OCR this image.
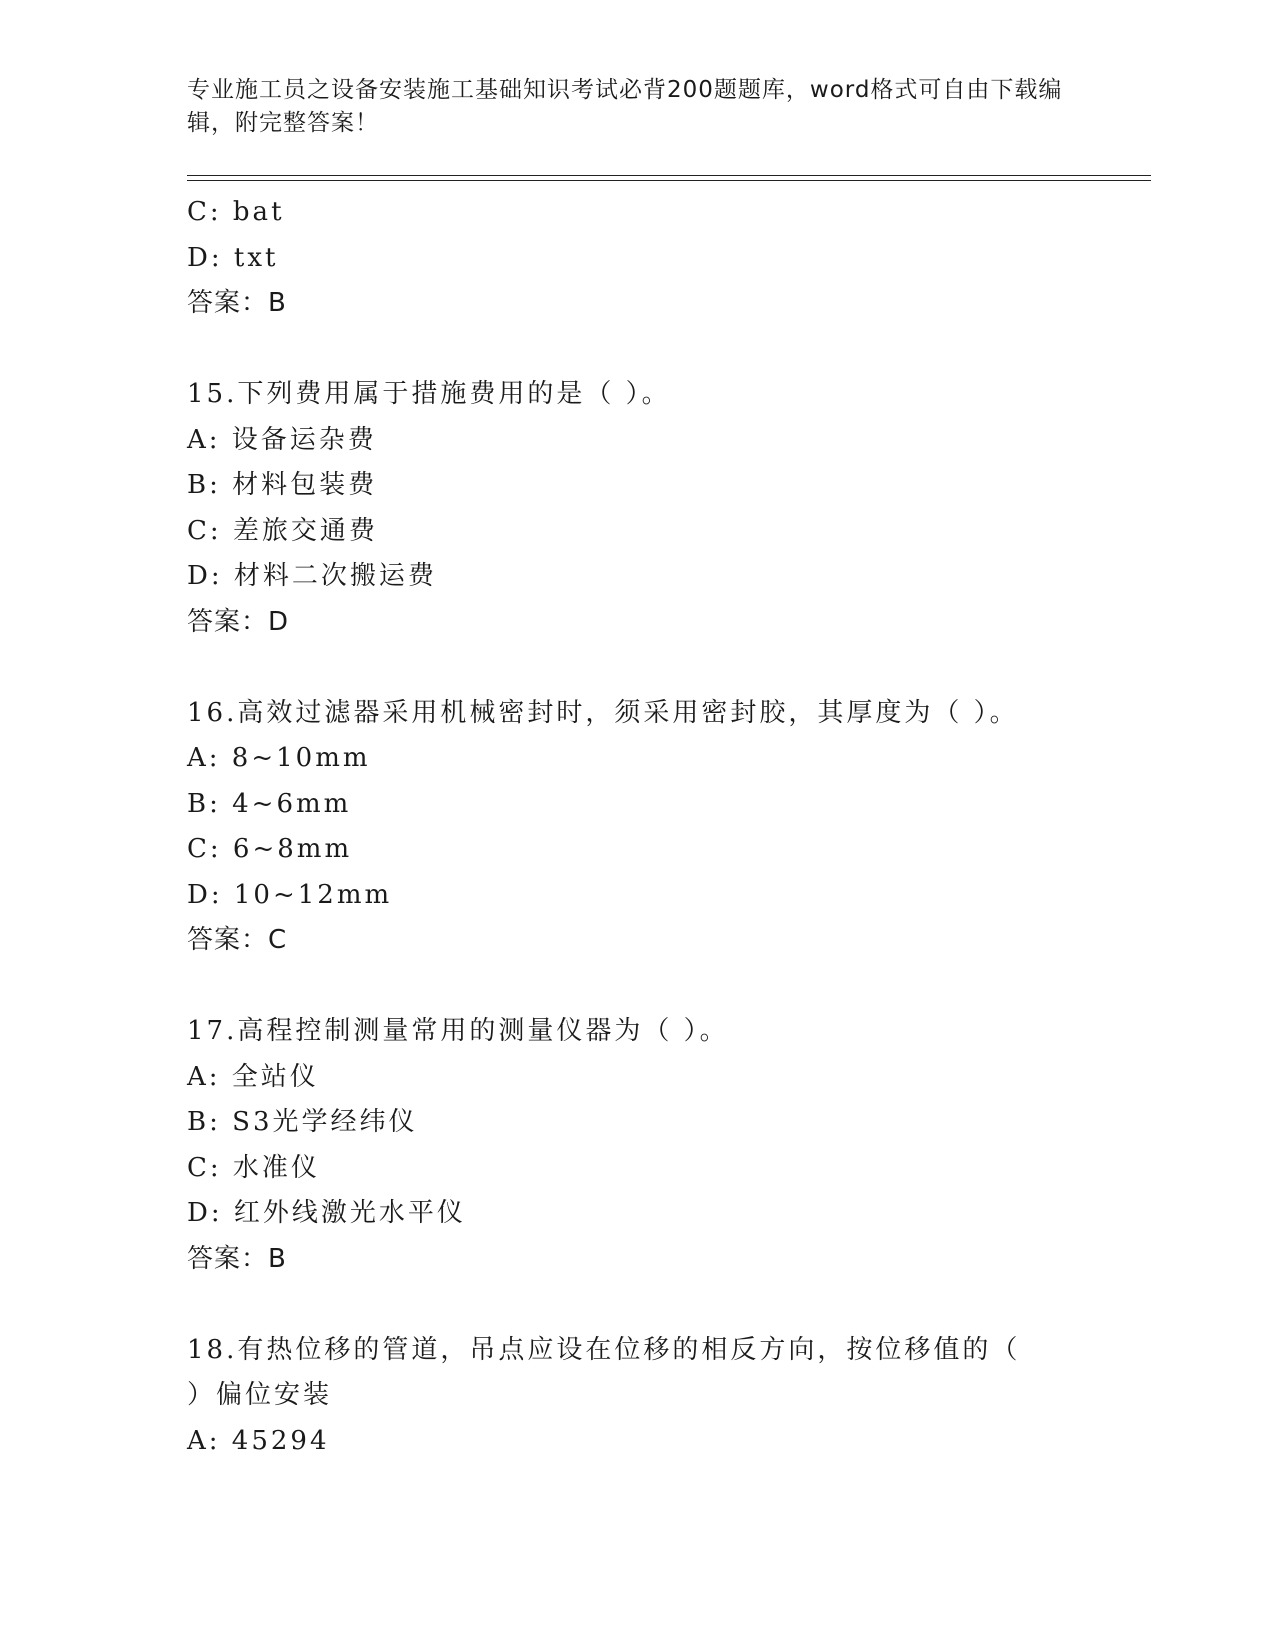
专业施工员之设备安装施工基础知识考试必背200题题库，word格式可自由下载编辑，附完整答案！
C: bat
D: txt
答案：B
15.下列费用属于措施费用的是（ ）。
A: 设备运杂费
B: 材料包装费
C: 差旅交通费
D: 材料二次搬运费
答案：D
16.高效过滤器采用机械密封时，须采用密封胶，其厚度为（ ）。
A: 8~10mm
B: 4~6mm
C: 6~8mm
D: 10~12mm
答案：C
17.高程控制测量常用的测量仪器为（ ）。
A: 全站仪
B: S3光学经纬仪
C: 水准仪
D: 红外线激光水平仪
答案：B
18.有热位移的管道，吊点应设在位移的相反方向，按位移值的（ ）偏位安装
A: 45294
